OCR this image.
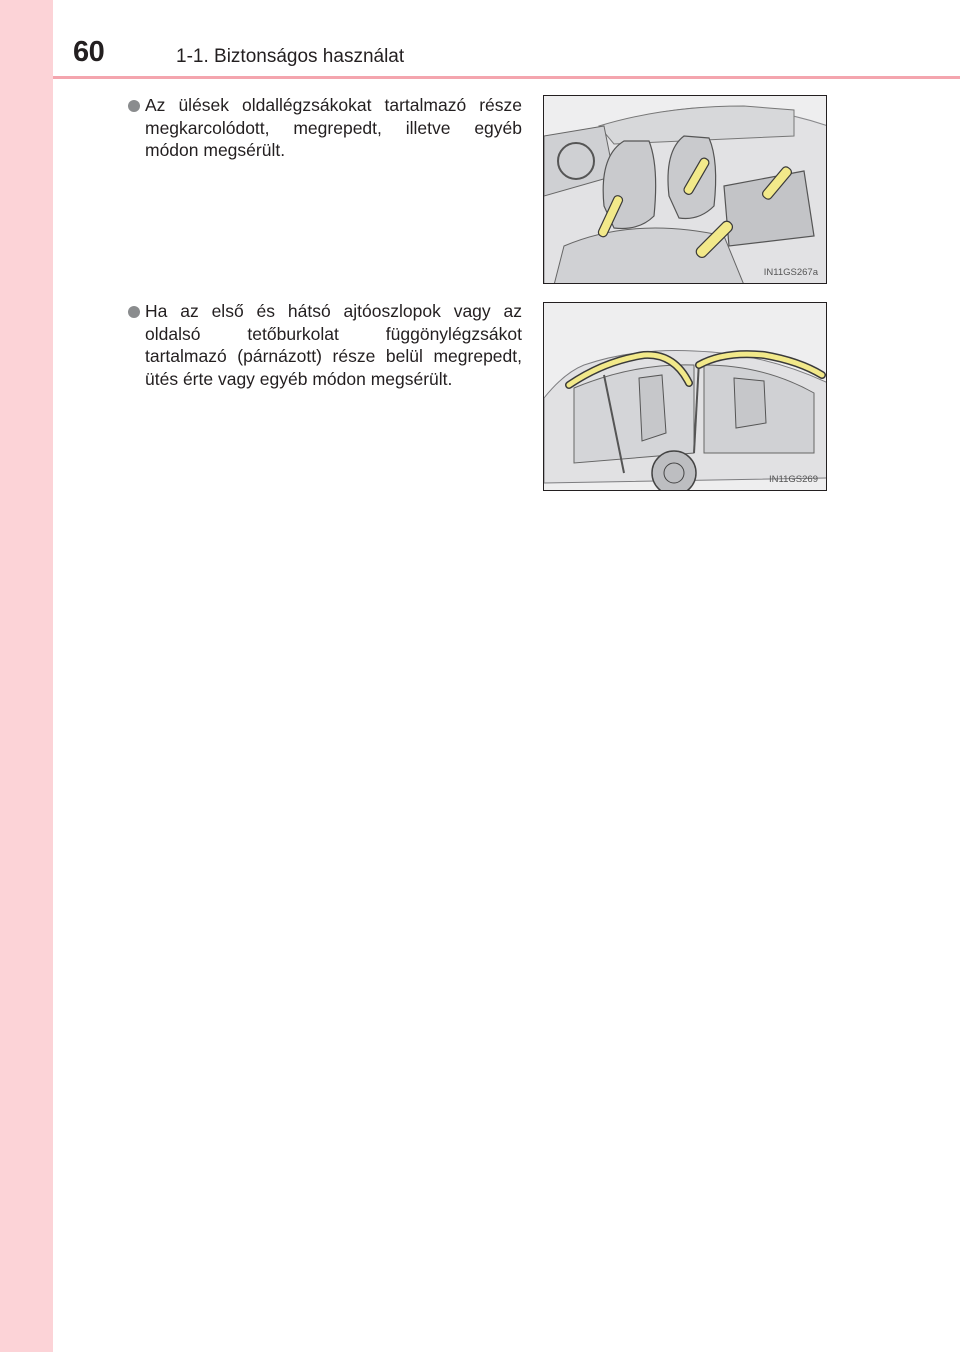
60	1-1. Biztonságos használat
Az ülések oldallégzsákokat tartalmazó része megkarcolódott, megrepedt, illetve egyéb módon megsérült.
IN11GS267a
Ha az első és hátsó ajtóoszlopok vagy az oldalsó tetőburkolat függönylégzsákot tartalmazó (párnázott) része belül megrepedt, ütés érte vagy egyéb módon megsérült.
IN11GS269
